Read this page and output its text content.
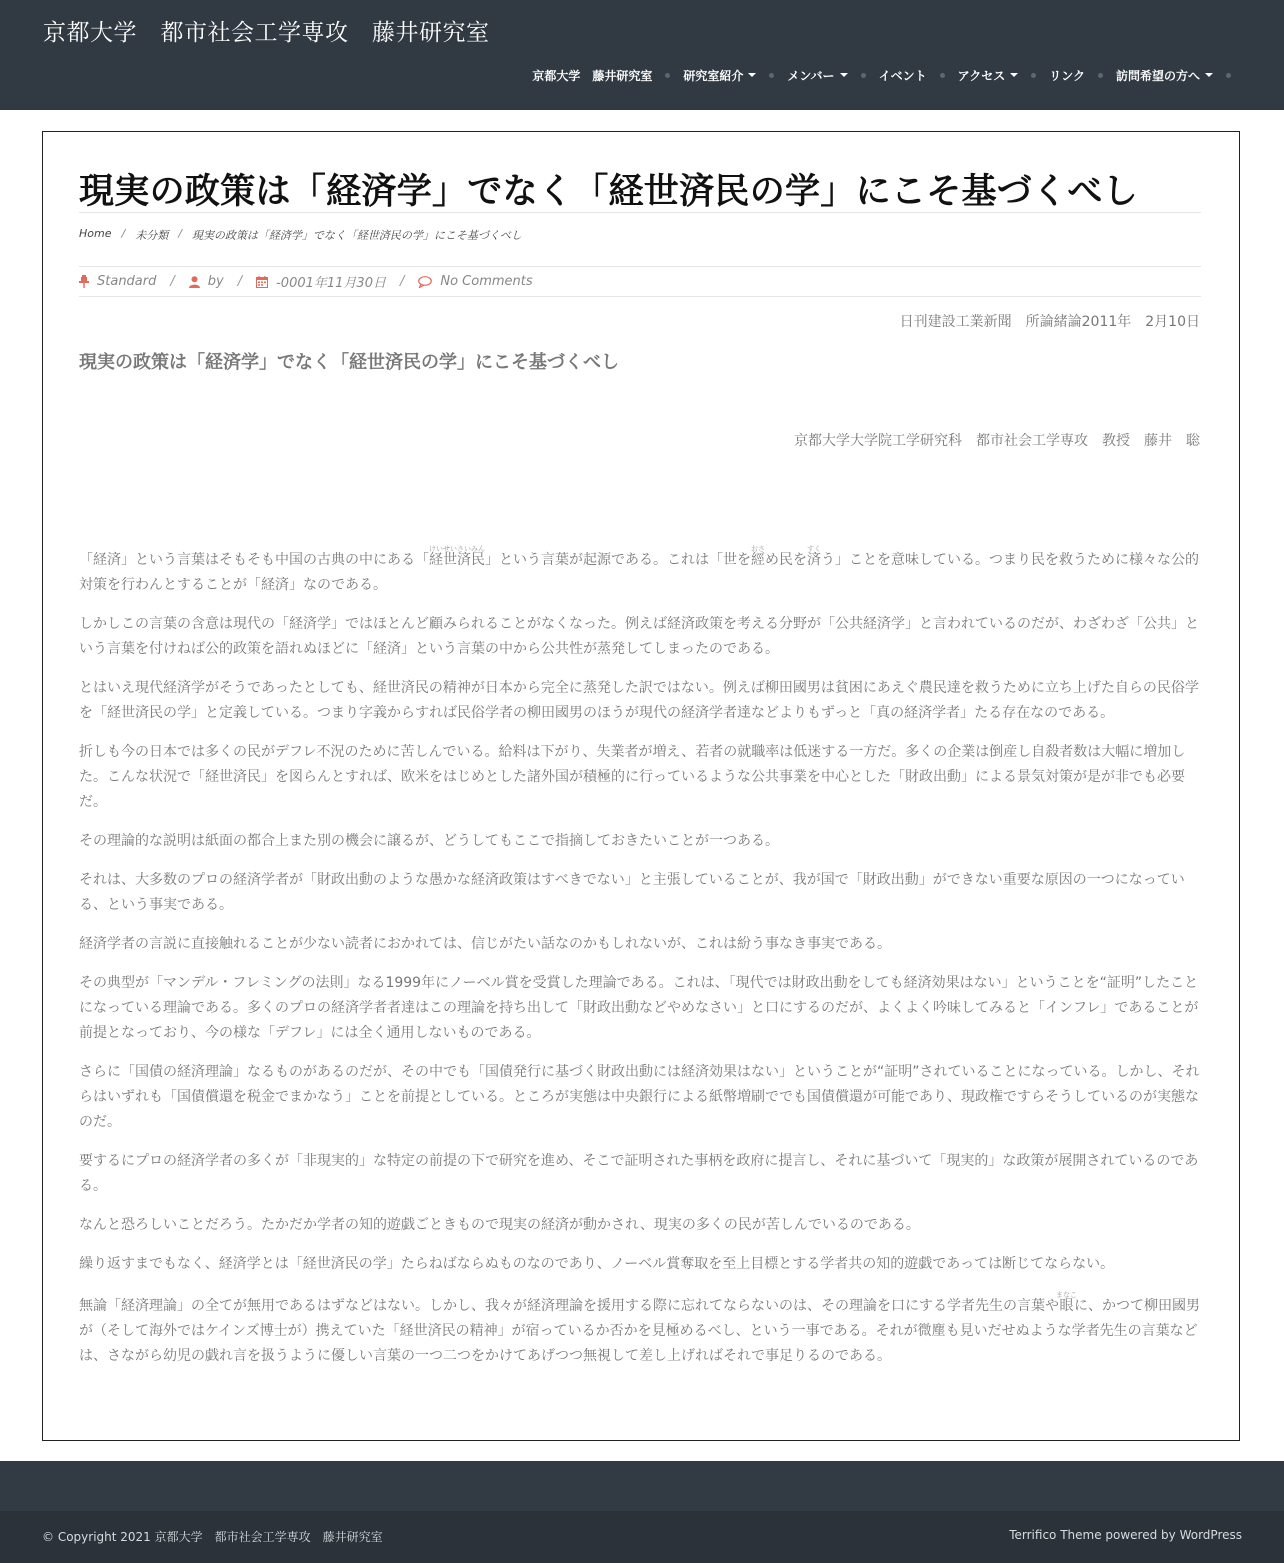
京都大学　都市社会工学専攻　藤井研究室
京都大学　藤井研究室	研究室紹介	メンバー	イベント	アクセス	リンク	訪問希望の方へ
現実の政策は「経済学」でなく「経世済民の学」にこそ基づくべし
Home / 未分類 / 現実の政策は「経済学」でなく「経世済民の学」にこそ基づくべし
Standard /	by /	-0001年11月30日 /	No Comments
日刊建設工業新聞　所論緒論2011年　2月10日
現実の政策は「経済学」でなく「経世済民の学」にこそ基づくべし
京都大学大学院工学研究科　都市社会工学専攻　教授　藤井　聡

「経済」という言葉はそもそも中国の古典の中にある「経世済民けいせいさいみん」という言葉が起源である。これは「世を經おさめ民を済すくう」ことを意味している。つまり民を救うために様々な公的対策を行わんとすることが「経済」なのである。

しかしこの言葉の含意は現代の「経済学」ではほとんど顧みられることがなくなった。例えば経済政策を考える分野が「公共経済学」と言われているのだが、わざわざ「公共」という言葉を付けねば公的政策を語れぬほどに「経済」という言葉の中から公共性が蒸発してしまったのである。

とはいえ現代経済学がそうであったとしても、経世済民の精神が日本から完全に蒸発した訳ではない。例えば柳田國男は貧困にあえぐ農民達を救うために立ち上げた自らの民俗学を「経世済民の学」と定義している。つまり字義からすれば民俗学者の柳田國男のほうが現代の経済学者達などよりもずっと「真の経済学者」たる存在なのである。

折しも今の日本では多くの民がデフレ不況のために苦しんでいる。給料は下がり、失業者が増え、若者の就職率は低迷する一方だ。多くの企業は倒産し自殺者数は大幅に増加した。こんな状況で「経世済民」を図らんとすれば、欧米をはじめとした諸外国が積極的に行っているような公共事業を中心とした「財政出動」による景気対策が是が非でも必要だ。

その理論的な説明は紙面の都合上また別の機会に譲るが、どうしてもここで指摘しておきたいことが一つある。

それは、大多数のプロの経済学者が「財政出動のような愚かな経済政策はすべきでない」と主張していることが、我が国で「財政出動」ができない重要な原因の一つになっている、という事実である。

経済学者の言説に直接触れることが少ない読者におかれては、信じがたい話なのかもしれないが、これは紛う事なき事実である。

その典型が「マンデル・フレミングの法則」なる1999年にノーベル賞を受賞した理論である。これは、「現代では財政出動をしても経済効果はない」ということを“証明”したことになっている理論である。多くのプロの経済学者者達はこの理論を持ち出して「財政出動などやめなさい」と口にするのだが、よくよく吟味してみると「インフレ」であることが前提となっており、今の様な「デフレ」には全く通用しないものである。

さらに「国債の経済理論」なるものがあるのだが、その中でも「国債発行に基づく財政出動には経済効果はない」ということが“証明”されていることになっている。しかし、それらはいずれも「国債償還を税金でまかなう」ことを前提としている。ところが実態は中央銀行による紙幣増刷ででも国債償還が可能であり、現政権ですらそうしているのが実態なのだ。

要するにプロの経済学者の多くが「非現実的」な特定の前提の下で研究を進め、そこで証明された事柄を政府に提言し、それに基づいて「現実的」な政策が展開されているのである。

なんと恐ろしいことだろう。たかだか学者の知的遊戯ごときもので現実の経済が動かされ、現実の多くの民が苦しんでいるのである。

繰り返すまでもなく、経済学とは「経世済民の学」たらねばならぬものなのであり、ノーベル賞奪取を至上目標とする学者共の知的遊戯であっては断じてならない。

無論「経済理論」の全てが無用であるはずなどはない。しかし、我々が経済理論を援用する際に忘れてならないのは、その理論を口にする学者先生の言葉や眼まなこに、かつて柳田國男が（そして海外ではケインズ博士が）携えていた「経世済民の精神」が宿っているか否かを見極めるべし、という一事である。それが微塵も見いだせぬような学者先生の言葉などは、さながら幼児の戯れ言を扱うように優しい言葉の一つ二つをかけてあげつつ無視して差し上げればそれで事足りるのである。

© Copyright 2021 京都大学　都市社会工学専攻　藤井研究室	Terrifico Theme powered by WordPress
